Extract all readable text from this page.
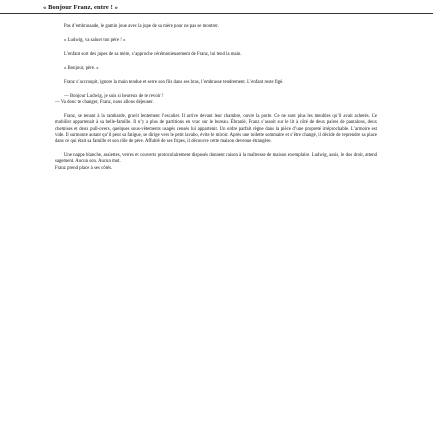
« Bonjour Franz, entre ! »

Pas d’embrassade, le gamin joue avec la jupe de sa mère pour ne pas se montrer.

« Ludwig, va saluer ton père ! »

L’enfant sort des jupes de sa mère, s’approche cérémonieusement de Franz, lui tend la main.

« Bonjour, père. »

Franz s’accroupit, ignore la main tendue et serre son fils dans ses bras, l’embrasse tendrement. L’enfant reste figé.

— Bonjour Ludwig, je suis si heureux de te revoir !
— Va donc te changer, Franz, nous allons déjeuner.

Franz, se tenant à la rambarde, gravit lentement l’escalier. Il arrive devant leur chambre, ouvre la porte. Ce ne sont plus les meubles qu’il avait achetés. Ce mobilier appartenait à sa belle-famille. Il n’y a plus de partitions en vrac sur le bureau. Ébranlé, Franz s’assoit sur le lit à côté de deux paires de pantalons, deux chemises et deux pull-overs, quelques sous-vêtements usagés censés lui appartenir. Un ordre parfait règne dans la pièce d’une propreté irréprochable. L’armoire est vide. Il surmonte autant qu’il peut sa fatigue, se dirige vers le petit lavabo, évite le miroir. Après une toilette sommaire et s’être changé, il décide de reprendre sa place dans ce qui était sa famille et son rôle de père. Affublé de ses fripes, il découvre cette maison devenue étrangère.

Une nappe blanche, assiettes, verres et couverts protocolairement disposés donnent raison à la maîtresse de maison exemplaire. Ludwig, assis, le dos droit, attend sagement. Aucun son. Aucun mot.
Franz prend place à ses côtés.
